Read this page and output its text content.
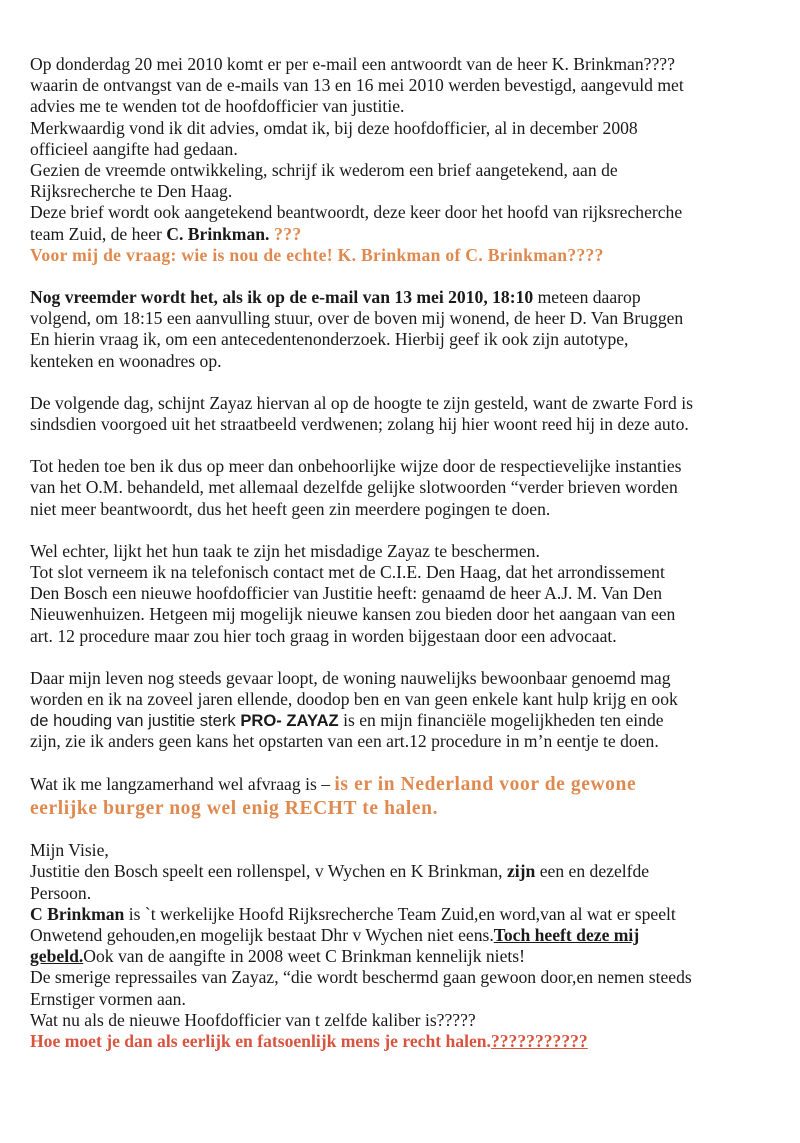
Op donderdag 20 mei 2010 komt er per e-mail een antwoordt van de heer K. Brinkman????
waarin de ontvangst van de e-mails van 13 en 16 mei 2010 werden bevestigd, aangevuld met
advies me te wenden tot de hoofdofficier van justitie.
Merkwaardig vond ik dit advies, omdat ik, bij deze hoofdofficier, al in december 2008
officieel aangifte had gedaan.
Gezien de vreemde ontwikkeling, schrijf ik wederom een brief aangetekend, aan de
Rijksrecherche te Den Haag.
Deze brief wordt ook aangetekend beantwoordt, deze keer door het hoofd van rijksrecherche
team Zuid, de heer C. Brinkman. ???
Voor mij de vraag: wie is nou de echte! K. Brinkman of C. Brinkman????
Nog vreemder wordt het, als ik op de e-mail van 13 mei 2010, 18:10 meteen daarop
volgend, om 18:15 een aanvulling stuur, over de boven mij wonend, de heer D. Van Bruggen
En hierin vraag ik, om een antecedentenonderzoek. Hierbij geef ik ook zijn autotype,
kenteken en woonadres op.
De volgende dag, schijnt Zayaz hiervan al op de hoogte te zijn gesteld, want de zwarte Ford is
sindsdien voorgoed uit het straatbeeld verdwenen; zolang hij hier woont reed hij in deze auto.
Tot heden toe ben ik dus op meer dan onbehoorlijke wijze door de respectievelijke instanties
van het O.M. behandeld, met allemaal dezelfde gelijke slotwoorden “verder brieven worden
niet meer beantwoordt, dus het heeft geen zin meerdere pogingen te doen.
Wel echter, lijkt het hun taak te zijn het misdadige Zayaz te beschermen.
Tot slot verneem ik na telefonisch contact met de C.I.E. Den Haag, dat het arrondissement
Den Bosch een nieuwe hoofdofficier van Justitie heeft: genaamd de heer A.J. M. Van Den
Nieuwenhuizen. Hetgeen mij mogelijk nieuwe kansen zou bieden door het aangaan van een
art. 12 procedure maar zou hier toch graag in worden bijgestaan door een advocaat.
Daar mijn leven nog steeds gevaar loopt, de woning nauwelijks bewoonbaar genoemd mag
worden en ik na zoveel jaren ellende, doodop ben en van geen enkele kant hulp krijg en ook
de houding van justitie sterk PRO- ZAYAZ is en mijn financiële mogelijkheden ten einde
zijn, zie ik anders geen kans het opstarten van een art.12 procedure in m’n eentje te doen.
Wat ik me langzamerhand wel afvraag is – is er in Nederland voor de gewone
eerlijke burger nog wel enig RECHT te halen.
Mijn Visie,
Justitie den Bosch speelt een rollenspel, v Wychen en K Brinkman, zijn een en dezelfde
Persoon.
C Brinkman is `t werkelijke Hoofd Rijksrecherche Team Zuid,en word,van al wat er speelt
Onwetend gehouden,en mogelijk bestaat Dhr v Wychen niet eens.Toch heeft deze mij
gebeld.Ook van de aangifte in 2008 weet C Brinkman kennelijk niets!
De smerige repressailes van Zayaz, “die wordt beschermd gaan gewoon door,en nemen steeds
Ernstiger vormen aan.
Wat nu als de nieuwe Hoofdofficier van t zelfde kaliber is?????
Hoe moet je dan als eerlijk en fatsoenlijk mens je recht halen.???????????
